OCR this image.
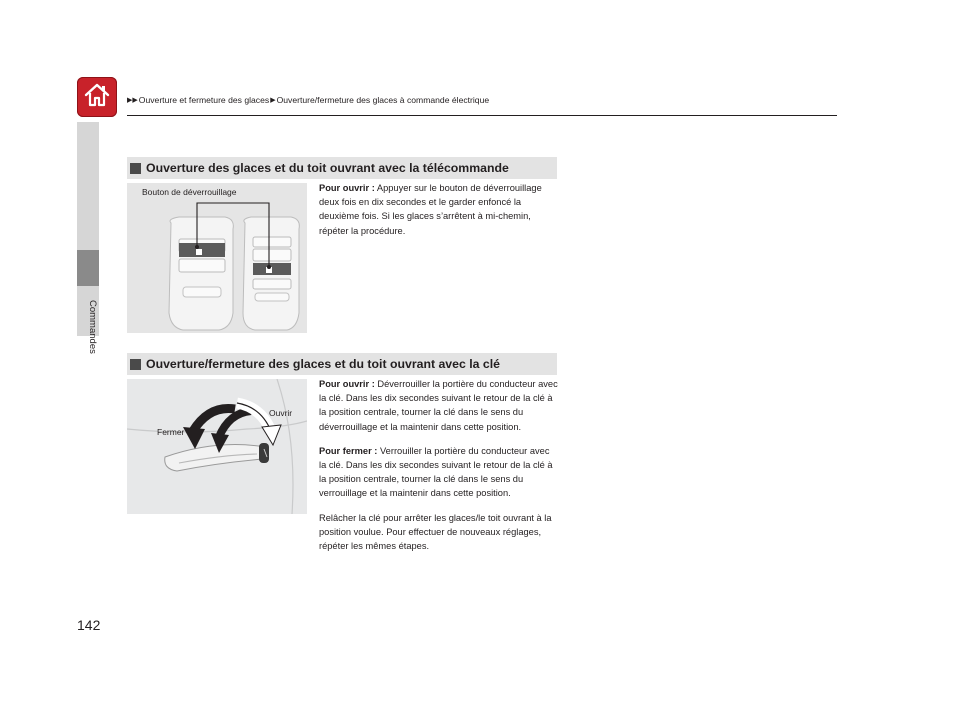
▶▶ Ouverture et fermeture des glaces ▶ Ouverture/fermeture des glaces à commande électrique
Commandes
Ouverture des glaces et du toit ouvrant avec la télécommande
Bouton de déverrouillage	Pour ouvrir : Appuyer sur le bouton de déverrouillage deux fois en dix secondes et le garder enfoncé la deuxième fois. Si les glaces s’arrêtent à mi-chemin, répéter la procédure.

Ouverture/fermeture des glaces et du toit ouvrant avec la clé
Fermer
Ouvrir

Pour ouvrir : Déverrouiller la portière du conducteur avec la clé. Dans les dix secondes suivant le retour de la clé à la position centrale, tourner la clé dans le sens du déverrouillage et la maintenir dans cette position.

Pour fermer : Verrouiller la portière du conducteur avec la clé. Dans les dix secondes suivant le retour de la clé à la position centrale, tourner la clé dans le sens du verrouillage et la maintenir dans cette position.

Relâcher la clé pour arrêter les glaces/le toit ouvrant à la position voulue. Pour effectuer de nouveaux réglages, répéter les mêmes étapes.

142
